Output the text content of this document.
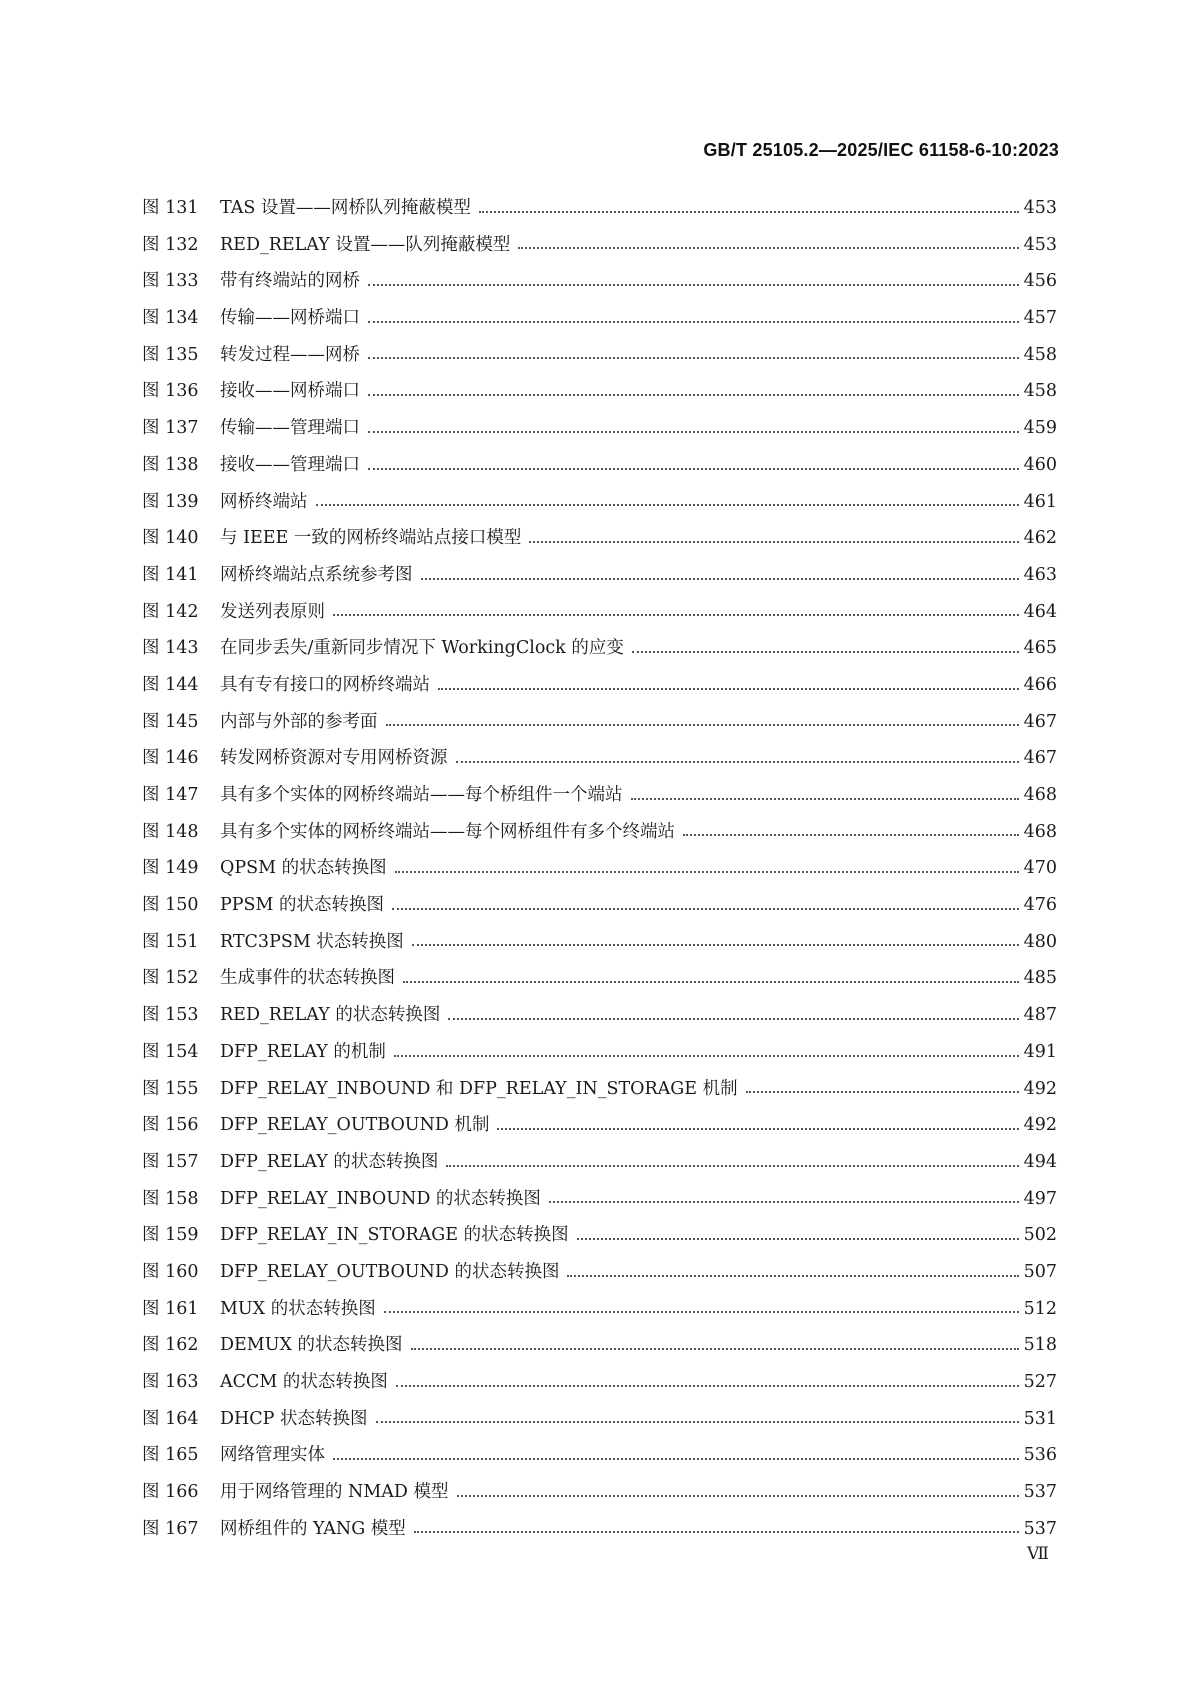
GB/T 25105.2—2025/IEC 61158-6-10:2023
图 131	TAS 设置——网桥队列掩蔽模型	453
图 132	RED_RELAY 设置——队列掩蔽模型	453
图 133	带有终端站的网桥	456
图 134	传输——网桥端口	457
图 135	转发过程——网桥	458
图 136	接收——网桥端口	458
图 137	传输——管理端口	459
图 138	接收——管理端口	460
图 139	网桥终端站	461
图 140	与 IEEE 一致的网桥终端站点接口模型	462
图 141	网桥终端站点系统参考图	463
图 142	发送列表原则	464
图 143	在同步丢失/重新同步情况下 WorkingClock 的应变	465
图 144	具有专有接口的网桥终端站	466
图 145	内部与外部的参考面	467
图 146	转发网桥资源对专用网桥资源	467
图 147	具有多个实体的网桥终端站——每个桥组件一个端站	468
图 148	具有多个实体的网桥终端站——每个网桥组件有多个终端站	468
图 149	QPSM 的状态转换图	470
图 150	PPSM 的状态转换图	476
图 151	RTC3PSM 状态转换图	480
图 152	生成事件的状态转换图	485
图 153	RED_RELAY 的状态转换图	487
图 154	DFP_RELAY 的机制	491
图 155	DFP_RELAY_INBOUND 和 DFP_RELAY_IN_STORAGE 机制	492
图 156	DFP_RELAY_OUTBOUND 机制	492
图 157	DFP_RELAY 的状态转换图	494
图 158	DFP_RELAY_INBOUND 的状态转换图	497
图 159	DFP_RELAY_IN_STORAGE 的状态转换图	502
图 160	DFP_RELAY_OUTBOUND 的状态转换图	507
图 161	MUX 的状态转换图	512
图 162	DEMUX 的状态转换图	518
图 163	ACCM 的状态转换图	527
图 164	DHCP 状态转换图	531
图 165	网络管理实体	536
图 166	用于网络管理的 NMAD 模型	537
图 167	网桥组件的 YANG 模型	537
Ⅶ
